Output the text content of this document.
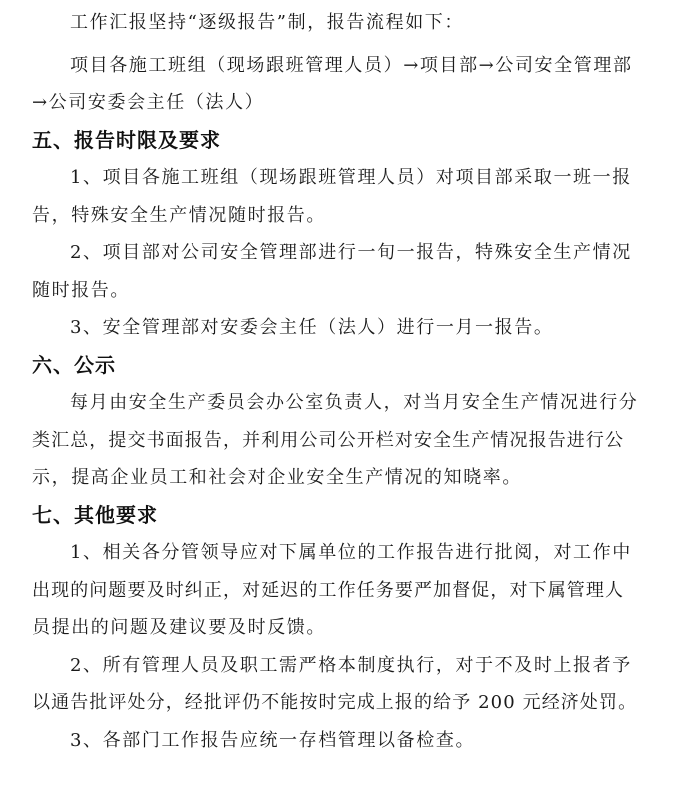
工作汇报坚持“逐级报告”制，报告流程如下：
项目各施工班组（现场跟班管理人员）→项目部→公司安全管理部
→公司安委会主任（法人）
五、报告时限及要求
1、项目各施工班组（现场跟班管理人员）对项目部采取一班一报
告，特殊安全生产情况随时报告。
2、项目部对公司安全管理部进行一旬一报告，特殊安全生产情况
随时报告。
3、安全管理部对安委会主任（法人）进行一月一报告。
六、公示
每月由安全生产委员会办公室负责人，对当月安全生产情况进行分
类汇总，提交书面报告，并利用公司公开栏对安全生产情况报告进行公
示，提高企业员工和社会对企业安全生产情况的知晓率。
七、其他要求
1、相关各分管领导应对下属单位的工作报告进行批阅，对工作中
出现的问题要及时纠正，对延迟的工作任务要严加督促，对下属管理人
员提出的问题及建议要及时反馈。
2、所有管理人员及职工需严格本制度执行，对于不及时上报者予
以通告批评处分，经批评仍不能按时完成上报的给予 200 元经济处罚。
3、各部门工作报告应统一存档管理以备检查。
